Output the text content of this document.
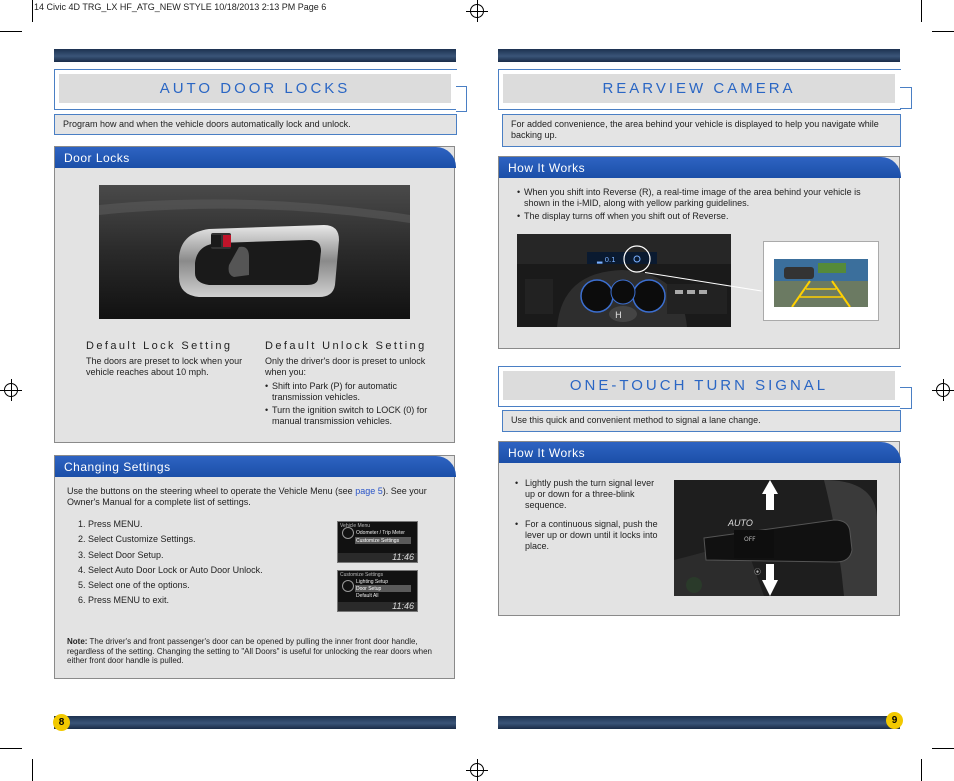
14 Civic 4D TRG_LX HF_ATG_NEW STYLE 10/18/2013 2:13 PM Page 6
AUTO DOOR LOCKS
Program how and when the vehicle doors automatically lock and unlock.
Door Locks
Default Lock Setting
The doors are preset to lock when your vehicle reaches about 10 mph.
Default Unlock Setting
Only the driver's door is preset to unlock when you:
• Shift into Park (P) for automatic transmission vehicles.
• Turn the ignition switch to LOCK (0) for manual transmission vehicles.
Changing Settings
Use the buttons on the steering wheel to operate the Vehicle Menu (see page 5). See your Owner's Manual for a complete list of settings.
1. Press MENU.
2. Select Customize Settings.
3. Select Door Setup.
4. Select Auto Door Lock or Auto Door Unlock.
5. Select one of the options.
6. Press MENU to exit.
Vehicle Menu
Odometer / Trip Meter
Customize Settings
11:46
Customize Settings
Lighting Setup
Door Setup
Default All
11:46
Note: The driver's and front passenger's door can be opened by pulling the inner front door handle, regardless of the setting. Changing the setting to "All Doors" is useful for unlocking the rear doors when either front door handle is pulled.
8
REARVIEW CAMERA
For added convenience, the area behind your vehicle is displayed to help you navigate while backing up.
How It Works
• When you shift into Reverse (R), a real-time image of the area behind your vehicle is shown in the i-MID, along with yellow parking guidelines.
• The display turns off when you shift out of Reverse.
▂ 0.1
H
ONE-TOUCH TURN SIGNAL
Use this quick and convenient method to signal a lane change.
How It Works
• Lightly push the turn signal lever up or down for a three-blink sequence.
• For a continuous signal, push the lever up or down until it locks into place.
OFF
⦿
AUTO
9
